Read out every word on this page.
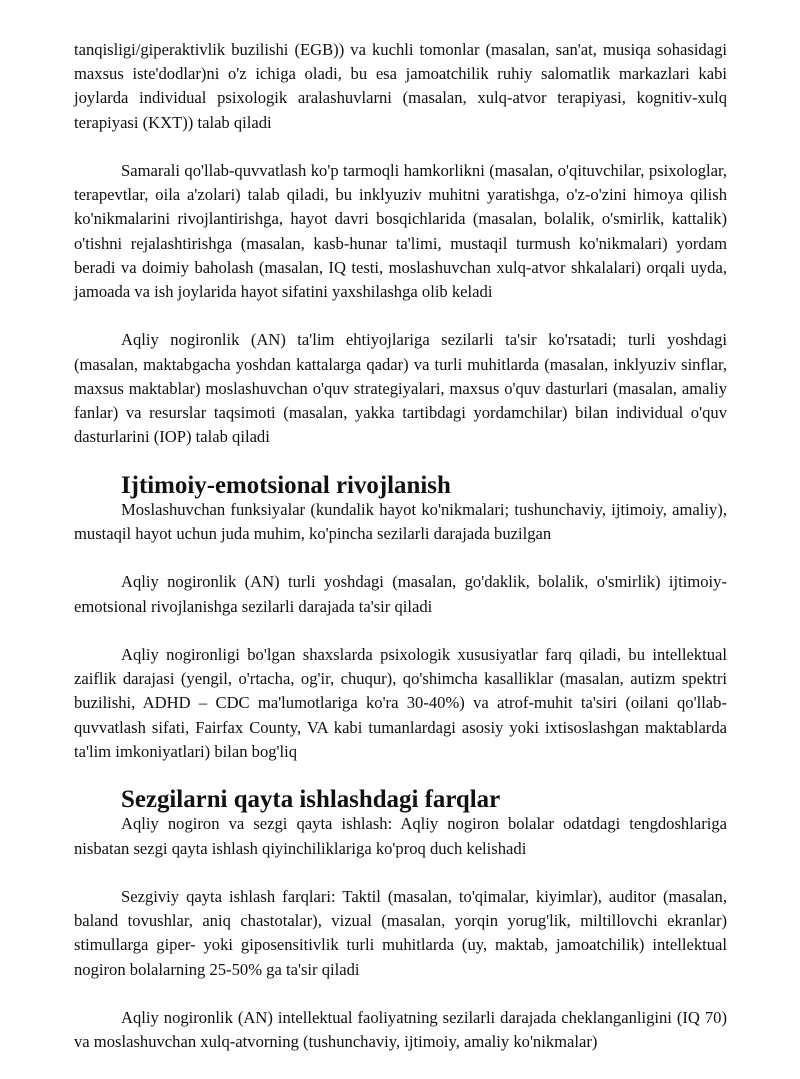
tanqisligi/giperaktivlik buzilishi (EGB)) va kuchli tomonlar (masalan, san'at, musiqa sohasidagi maxsus iste'dodlar)ni o'z ichiga oladi, bu esa jamoatchilik ruhiy salomatlik markazlari kabi joylarda individual psixologik aralashuvlarni (masalan, xulq-atvor terapiyasi, kognitiv-xulq terapiyasi (KXT)) talab qiladi

Samarali qo'llab-quvvatlash ko'p tarmoqli hamkorlikni (masalan, o'qituvchilar, psixologlar, terapevtlar, oila a'zolari) talab qiladi, bu inklyuziv muhitni yaratishga, o'z-o'zini himoya qilish ko'nikmalarini rivojlantirishga, hayot davri bosqichlarida (masalan, bolalik, o'smirlik, kattalik) o'tishni rejalashtirishga (masalan, kasb-hunar ta'limi, mustaqil turmush ko'nikmalari) yordam beradi va doimiy baholash (masalan, IQ testi, moslashuvchan xulq-atvor shkalalari) orqali uyda, jamoada va ish joylarida hayot sifatini yaxshilashga olib keladi

Aqliy nogironlik (AN) ta'lim ehtiyojlariga sezilarli ta'sir ko'rsatadi; turli yoshdagi (masalan, maktabgacha yoshdan kattalarga qadar) va turli muhitlarda (masalan, inklyuziv sinflar, maxsus maktablar) moslashuvchan o'quv strategiyalari, maxsus o'quv dasturlari (masalan, amaliy fanlar) va resurslar taqsimoti (masalan, yakka tartibdagi yordamchilar) bilan individual o'quv dasturlarini (IOP) talab qiladi

Ijtimoiy-emotsional rivojlanish

Moslashuvchan funksiyalar (kundalik hayot ko'nikmalari; tushunchaviy, ijtimoiy, amaliy), mustaqil hayot uchun juda muhim, ko'pincha sezilarli darajada buzilgan

Aqliy nogironlik (AN) turli yoshdagi (masalan, go'daklik, bolalik, o'smirlik) ijtimoiy-emotsional rivojlanishga sezilarli darajada ta'sir qiladi

Aqliy nogironligi bo'lgan shaxslarda psixologik xususiyatlar farq qiladi, bu intellektual zaiflik darajasi (yengil, o'rtacha, og'ir, chuqur), qo'shimcha kasalliklar (masalan, autizm spektri buzilishi, ADHD – CDC ma'lumotlariga ko'ra 30-40%) va atrof-muhit ta'siri (oilani qo'llab-quvvatlash sifati, Fairfax County, VA kabi tumanlardagi asosiy yoki ixtisoslashgan maktablarda ta'lim imkoniyatlari) bilan bog'liq

Sezgilarni qayta ishlashdagi farqlar

Aqliy nogiron va sezgi qayta ishlash: Aqliy nogiron bolalar odatdagi tengdoshlariga nisbatan sezgi qayta ishlash qiyinchiliklariga ko'proq duch kelishadi

Sezgiviy qayta ishlash farqlari: Taktil (masalan, to'qimalar, kiyimlar), auditor (masalan, baland tovushlar, aniq chastotalar), vizual (masalan, yorqin yorug'lik, miltillovchi ekranlar) stimullarga giper- yoki giposensitivlik turli muhitlarda (uy, maktab, jamoatchilik) intellektual nogiron bolalarning 25-50% ga ta'sir qiladi

Aqliy nogironlik (AN) intellektual faoliyatning sezilarli darajada cheklanganligini (IQ 70) va moslashuvchan xulq-atvorning (tushunchaviy, ijtimoiy, amaliy ko'nikmalar)
